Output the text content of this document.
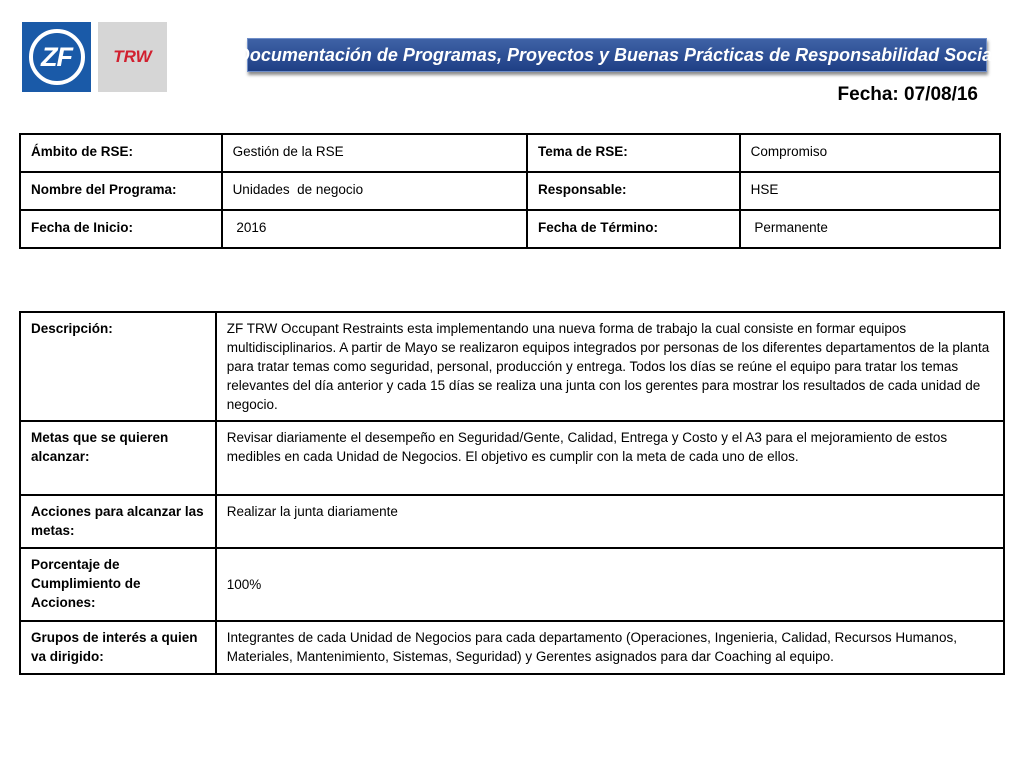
ZF TRW	Documentación de Programas, Proyectos y Buenas Prácticas de Responsabilidad Social
Fecha: 07/08/16
Ámbito de RSE:	Gestión de la RSE	Tema de RSE:	Compromiso
Nombre del Programa:	Unidades  de negocio	Responsable:	HSE
Fecha de Inicio:	2016	Fecha de Término:	Permanente
Descripción:	ZF TRW Occupant Restraints esta implementando una nueva forma de trabajo la cual consiste en formar equipos multidisciplinarios. A partir de Mayo se realizaron equipos integrados por personas de los diferentes departamentos de la planta para tratar temas como seguridad, personal, producción y entrega. Todos los días se reúne el equipo para tratar los temas relevantes del día anterior y cada 15 días se realiza una junta con los gerentes para mostrar los resultados de cada unidad de negocio.
Metas que se quieren alcanzar:	Revisar diariamente el desempeño en Seguridad/Gente, Calidad, Entrega y Costo y el A3 para el mejoramiento de estos medibles en cada Unidad de Negocios. El objetivo es cumplir con la meta de cada uno de ellos.
Acciones para alcanzar las metas:	Realizar la junta diariamente
Porcentaje de Cumplimiento de Acciones:	100%
Grupos de interés a quien va dirigido:	Integrantes de cada Unidad de Negocios para cada departamento (Operaciones, Ingenieria, Calidad, Recursos Humanos, Materiales, Mantenimiento, Sistemas, Seguridad) y Gerentes asignados para dar Coaching al equipo.
